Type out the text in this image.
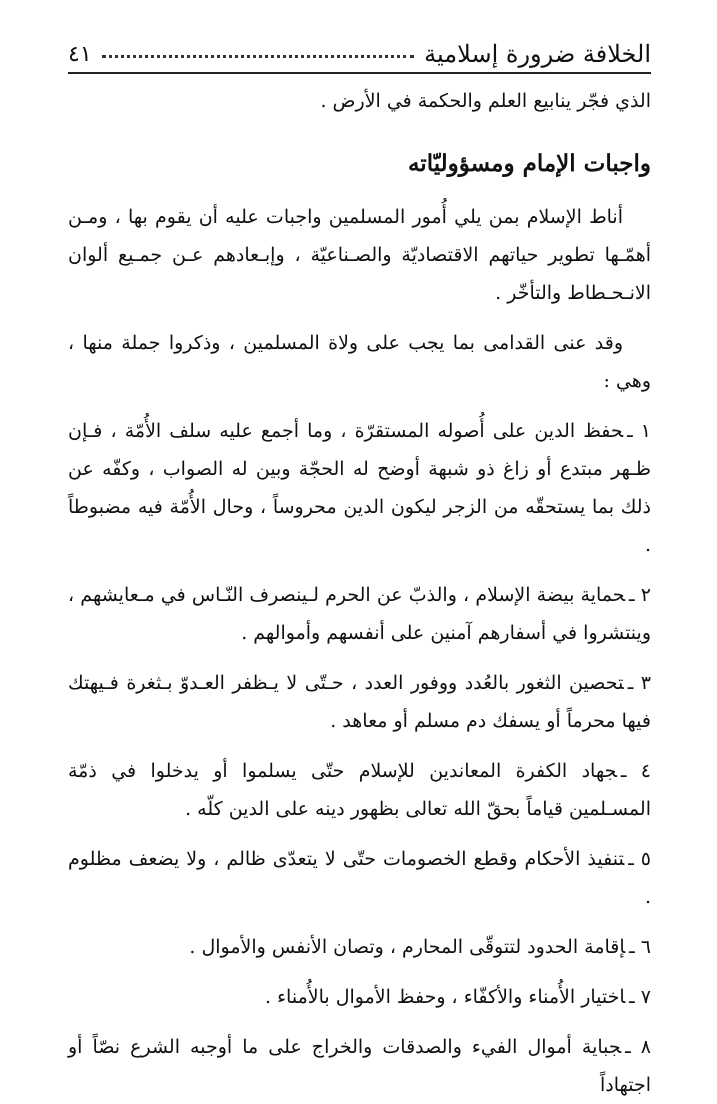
الخلافة ضرورة إسلامية
٤١

الذي فجّر ينابيع العلم والحكمة في الأرض .

واجبات الإمام ومسؤوليّاته

أناط الإسلام بمن يلي أُمور المسلمين واجبات عليه أن يقوم بها ، ومـن أهمّـها تطوير حياتهم الاقتصاديّة والصـناعيّة ، وإبـعادهم عـن جمـيع ألوان الانـحـطاط والتأخّر .

وقد عنى القدامى بما يجب على ولاة المسلمين ، وذكروا جملة منها ، وهي :

١ ـحفظ الدين على أُصوله المستقرّة ، وما أجمع عليه سلف الأُمّة ، فـإن ظـهر مبتدع أو زاغ ذو شبهة أوضح له الحجّة وبين له الصواب ، وكفّه عن ذلك بما يستحقّه من الزجر ليكون الدين محروساً ، وحال الأُمّة فيه مضبوطاً .

٢ ـحماية بيضة الإسلام ، والذبّ عن الحرم لـينصرف النّـاس في مـعايشهم ، وينتشروا في أسفارهم آمنين على أنفسهم وأموالهم .

٣ ـتحصين الثغور بالعُدد ووفور العدد ، حـتّى لا يـظفر العـدوّ بـثغرة فـيهتك فيها محرماً أو يسفك دم مسلم أو معاهد .

٤ ـجهاد الكفرة المعاندين للإسلام حتّى يسلموا أو يدخلوا في ذمّة المسـلمين قياماً بحقّ الله تعالى بظهور دينه على الدين كلّه .

٥ ـتنفيذ الأحكام وقطع الخصومات حتّى لا يتعدّى ظالم ، ولا يضعف مظلوم .

٦ ـإقامة الحدود لتتوقّى المحارم ، وتصان الأنفس والأموال .

٧ ـاختيار الأُمناء والأكفّاء ، وحفظ الأموال بالأُمناء .

٨ ـجباية أموال الفيء والصدقات والخراج على ما أوجبه الشرع نصّاً أو اجتهاداً
